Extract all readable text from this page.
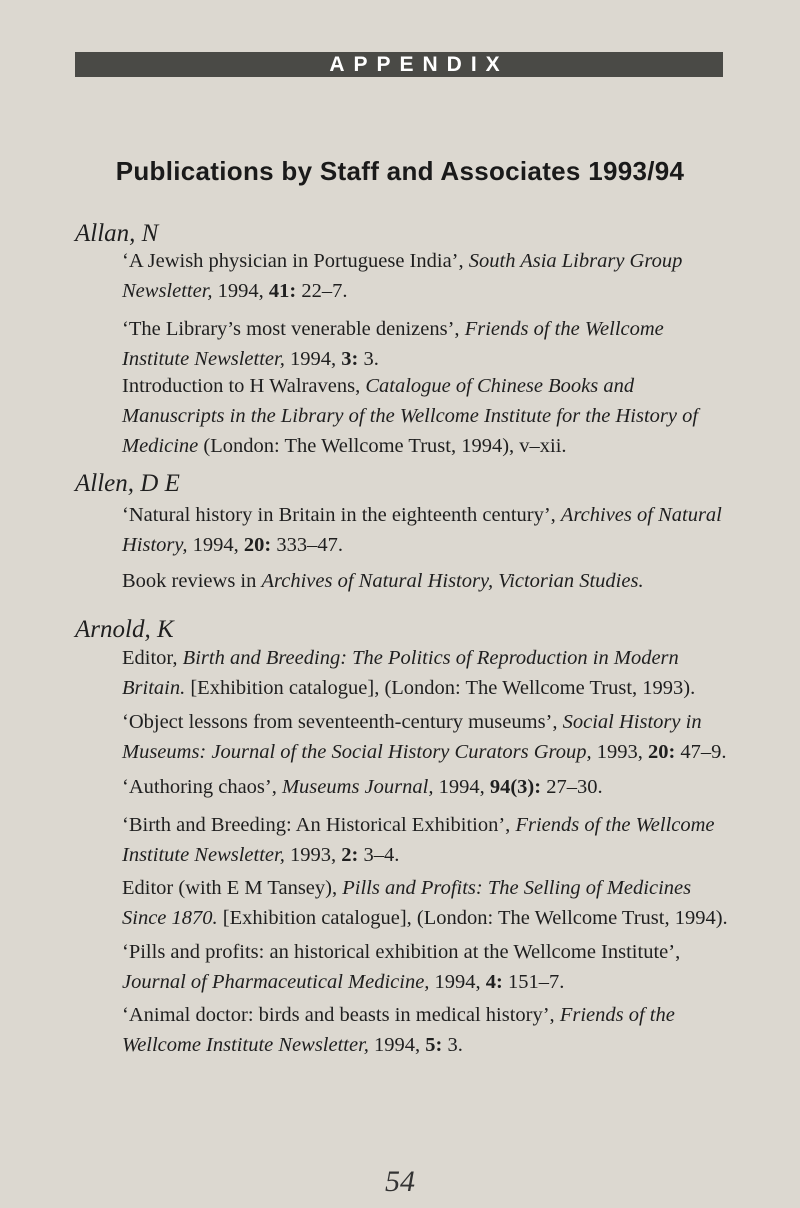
APPENDIX
Publications by Staff and Associates 1993/94
Allan, N

‘A Jewish physician in Portuguese India’, South Asia Library Group Newsletter, 1994, 41: 22–7.

‘The Library’s most venerable denizens’, Friends of the Wellcome Institute Newsletter, 1994, 3: 3.

Introduction to H Walravens, Catalogue of Chinese Books and Manuscripts in the Library of the Wellcome Institute for the History of Medicine (London: The Wellcome Trust, 1994), v–xii.

Allen, D E

‘Natural history in Britain in the eighteenth century’, Archives of Natural History, 1994, 20: 333–47.

Book reviews in Archives of Natural History, Victorian Studies.

Arnold, K

Editor, Birth and Breeding: The Politics of Reproduction in Modern Britain. [Exhibition catalogue], (London: The Wellcome Trust, 1993).

‘Object lessons from seventeenth-century museums’, Social History in Museums: Journal of the Social History Curators Group, 1993, 20: 47–9.

‘Authoring chaos’, Museums Journal, 1994, 94(3): 27–30.

‘Birth and Breeding: An Historical Exhibition’, Friends of the Wellcome Institute Newsletter, 1993, 2: 3–4.

Editor (with E M Tansey), Pills and Profits: The Selling of Medicines Since 1870. [Exhibition catalogue], (London: The Wellcome Trust, 1994).

‘Pills and profits: an historical exhibition at the Wellcome Institute’, Journal of Pharmaceutical Medicine, 1994, 4: 151–7.

‘Animal doctor: birds and beasts in medical history’, Friends of the Wellcome Institute Newsletter, 1994, 5: 3.

54
